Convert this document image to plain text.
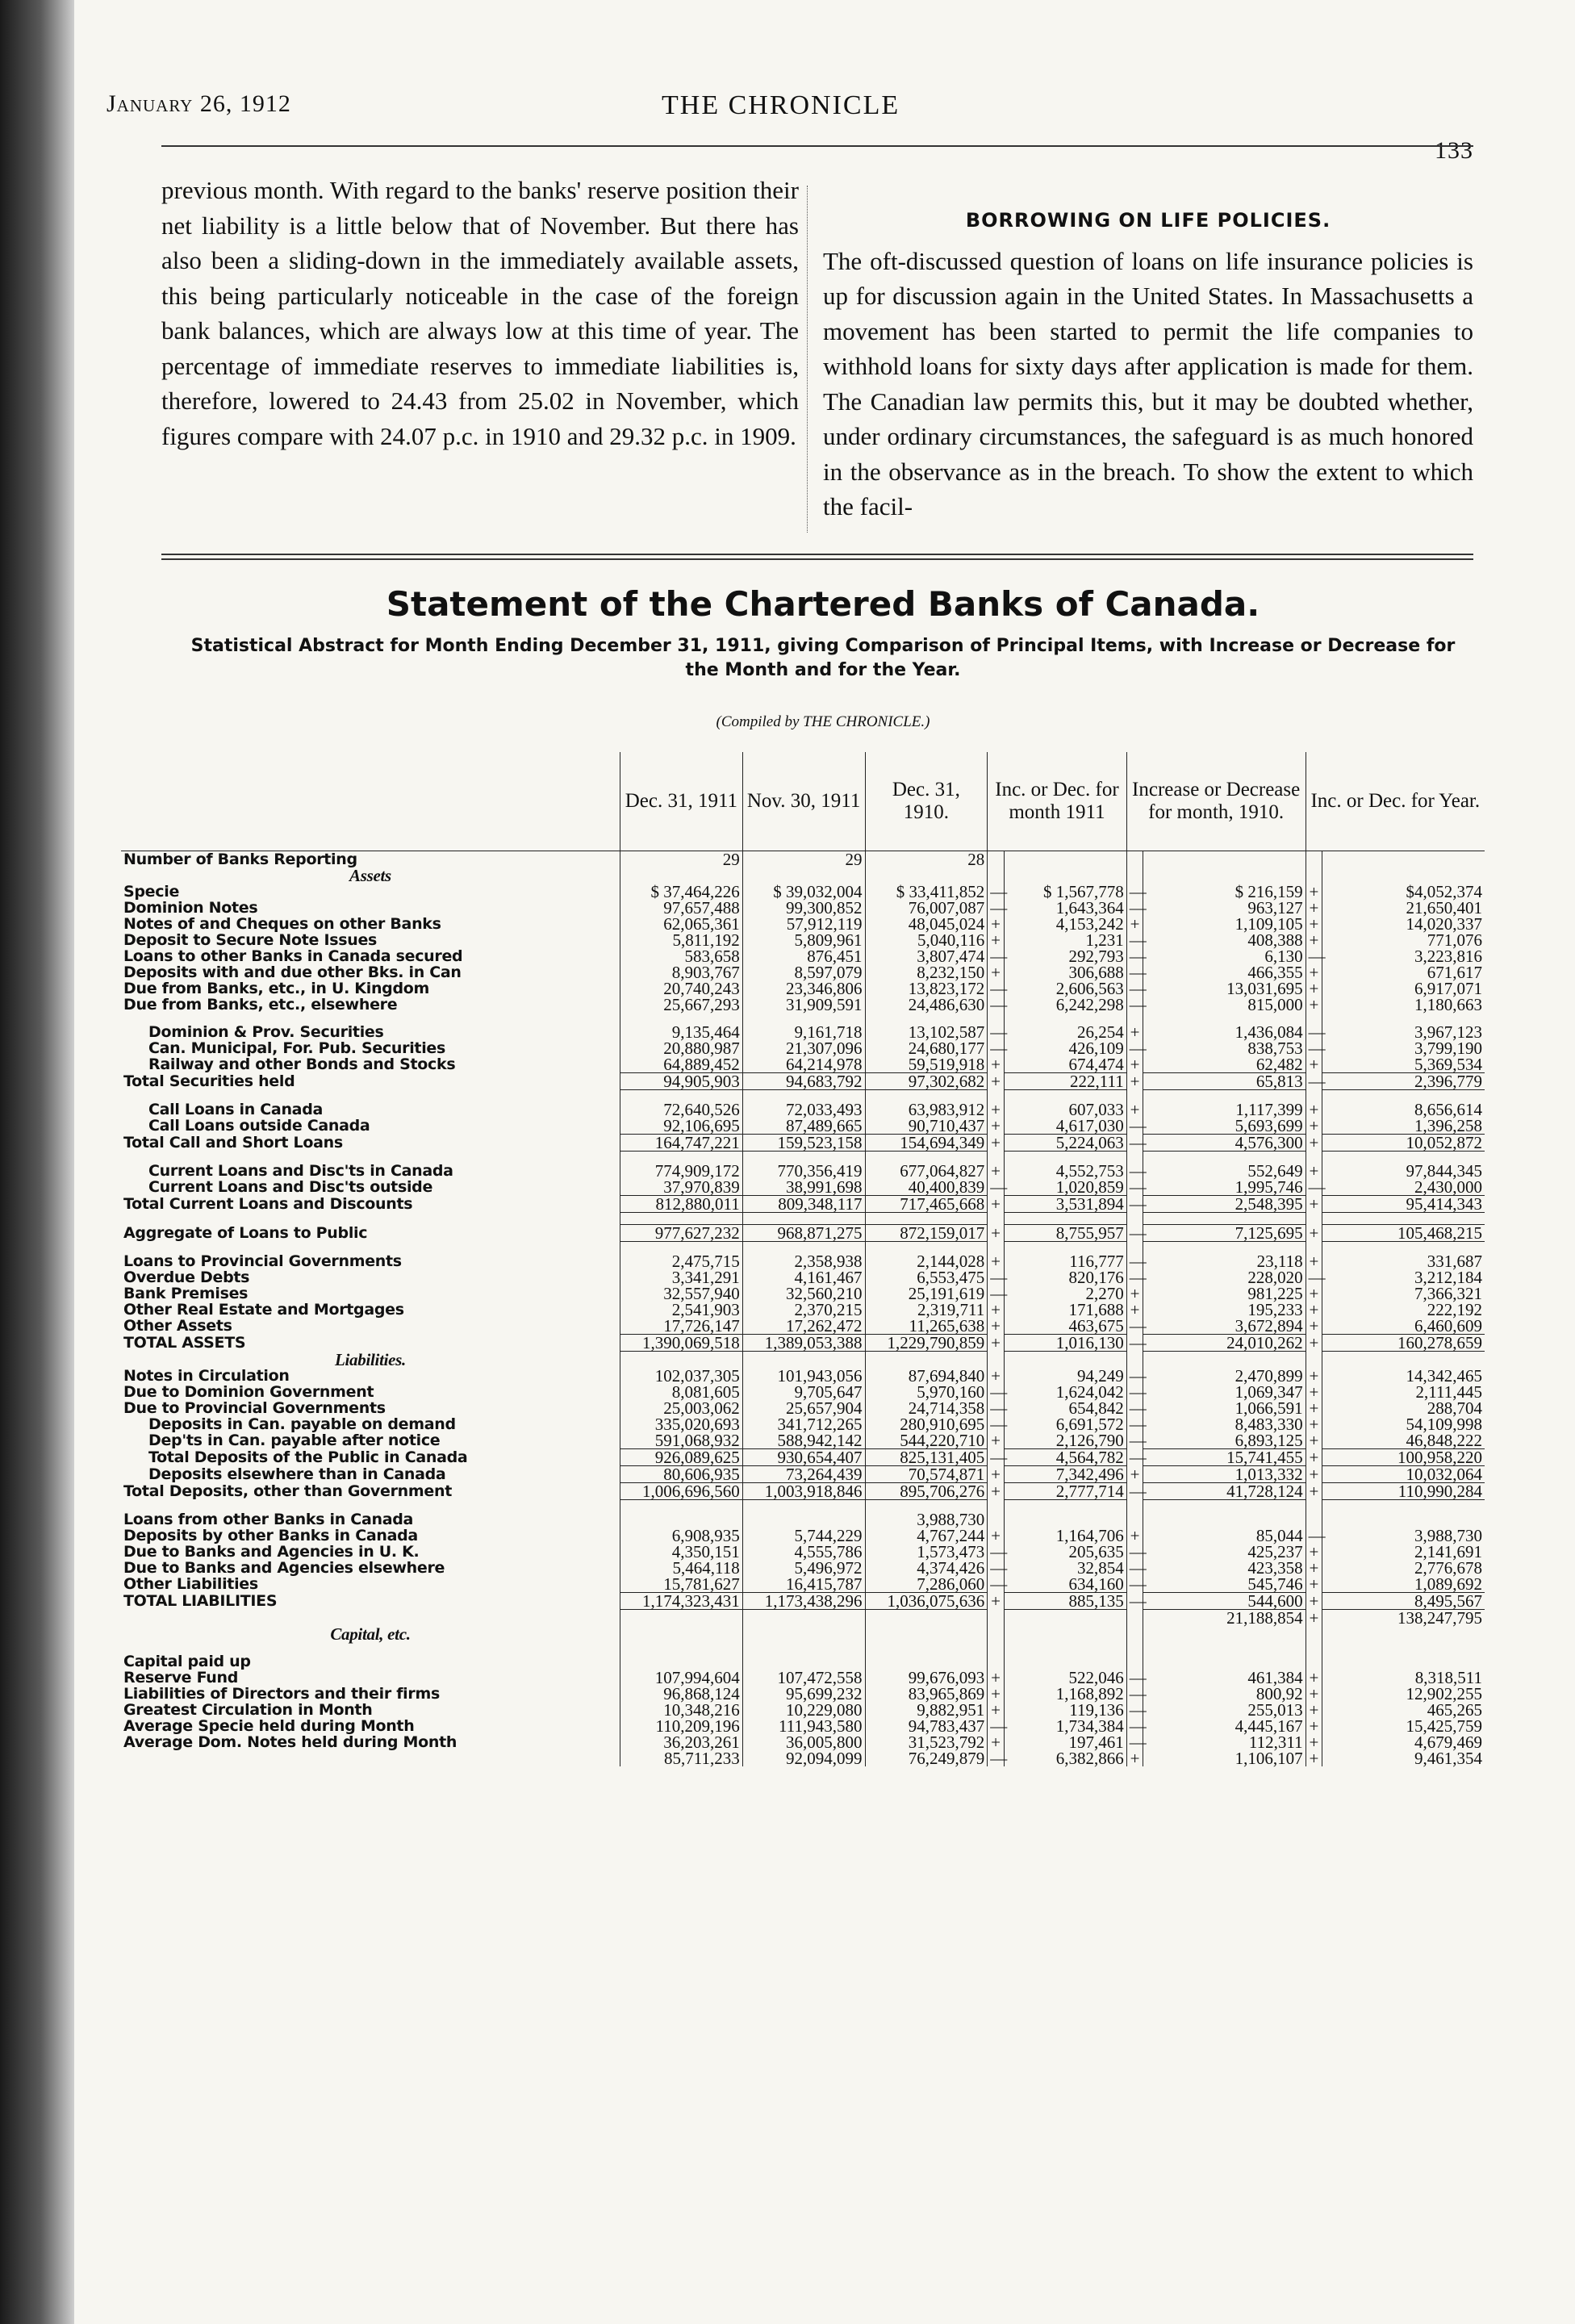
January 26, 1912	THE CHRONICLE
133

previous month. With regard to the banks' reserve position their net liability is a little below that of November. But there has also been a sliding-down in the immediately available assets, this being particularly noticeable in the case of the foreign bank balances, which are always low at this time of year. The percentage of immediate reserves to immediate liabilities is, therefore, lowered to 24.43 from 25.02 in November, which figures compare with 24.07 p.c. in 1910 and 29.32 p.c. in 1909.

BORROWING ON LIFE POLICIES.

The oft-discussed question of loans on life insurance policies is up for discussion again in the United States. In Massachusetts a movement has been started to permit the life companies to withhold loans for sixty days after application is made for them. The Canadian law permits this, but it may be doubted whether, under ordinary circumstances, the safeguard is as much honored in the observance as in the breach. To show the extent to which the facil-

Statement of the Chartered Banks of Canada.
Statistical Abstract for Month Ending December 31, 1911, giving Comparison of Principal Items, with Increase or Decrease for the Month and for the Year.
(Compiled by THE CHRONICLE.)
	Dec. 31, 1911	Nov. 30, 1911	Dec. 31, 1910.	Inc. or Dec. for month 1911		Increase or Decrease for month, 1910.		Inc. or Dec. for Year.	
Number of Banks Reporting	29	29	28						
Assets									
Specie	$ 37,464,226	$ 39,032,004	$ 33,411,852	—	$ 1,567,778	—	$ 216,159	+	$4,052,374
Dominion Notes	97,657,488	99,300,852	76,007,087	—	1,643,364	—	963,127	+	21,650,401
Notes of and Cheques on other Banks	62,065,361	57,912,119	48,045,024	+	4,153,242	+	1,109,105	+	14,020,337
Deposit to Secure Note Issues	5,811,192	5,809,961	5,040,116	+	1,231	—	408,388	+	771,076
Loans to other Banks in Canada secured	583,658	876,451	3,807,474	—	292,793	—	6,130	—	3,223,816
Deposits with and due other Bks. in Can	8,903,767	8,597,079	8,232,150	+	306,688	—	466,355	+	671,617
Due from Banks, etc., in U. Kingdom	20,740,243	23,346,806	13,823,172	—	2,606,563	—	13,031,695	+	6,917,071
Due from Banks, etc., elsewhere	25,667,293	31,909,591	24,486,630	—	6,242,298	—	815,000	+	1,180,663

Dominion & Prov. Securities	9,135,464	9,161,718	13,102,587	—	26,254	+	1,436,084	—	3,967,123
Can. Municipal, For. Pub. Securities	20,880,987	21,307,096	24,680,177	—	426,109	—	838,753	—	3,799,190
Railway and other Bonds and Stocks	64,889,452	64,214,978	59,519,918	+	674,474	+	62,482	+	5,369,534
Total Securities held	94,905,903	94,683,792	97,302,682	+	222,111	+	65,813	—	2,396,779

Call Loans in Canada	72,640,526	72,033,493	63,983,912	+	607,033	+	1,117,399	+	8,656,614
Call Loans outside Canada	92,106,695	87,489,665	90,710,437	+	4,617,030	—	5,693,699	+	1,396,258
Total Call and Short Loans	164,747,221	159,523,158	154,694,349	+	5,224,063	—	4,576,300	+	10,052,872

Current Loans and Disc'ts in Canada	774,909,172	770,356,419	677,064,827	+	4,552,753	—	552,649	+	97,844,345
Current Loans and Disc'ts outside	37,970,839	38,991,698	40,400,839	—	1,020,859	—	1,995,746	—	2,430,000
Total Current Loans and Discounts	812,880,011	809,348,117	717,465,668	+	3,531,894	—	2,548,395	+	95,414,343

Aggregate of Loans to Public	977,627,232	968,871,275	872,159,017	+	8,755,957	—	7,125,695	+	105,468,215

Loans to Provincial Governments	2,475,715	2,358,938	2,144,028	+	116,777	—	23,118	+	331,687
Overdue Debts	3,341,291	4,161,467	6,553,475	—	820,176	—	228,020	—	3,212,184
Bank Premises	32,557,940	32,560,210	25,191,619	—	2,270	+	981,225	+	7,366,321
Other Real Estate and Mortgages	2,541,903	2,370,215	2,319,711	+	171,688	+	195,233	+	222,192
Other Assets	17,726,147	17,262,472	11,265,638	+	463,675	—	3,672,894	+	6,460,609
TOTAL ASSETS	1,390,069,518	1,389,053,388	1,229,790,859	+	1,016,130	—	24,010,262	+	160,278,659
Liabilities.									
Notes in Circulation	102,037,305	101,943,056	87,694,840	+	94,249	—	2,470,899	+	14,342,465
Due to Dominion Government	8,081,605	9,705,647	5,970,160	—	1,624,042	—	1,069,347	+	2,111,445
Due to Provincial Governments	25,003,062	25,657,904	24,714,358	—	654,842	—	1,066,591	+	288,704
Deposits in Can. payable on demand	335,020,693	341,712,265	280,910,695	—	6,691,572	—	8,483,330	+	54,109,998
Dep'ts in Can. payable after notice	591,068,932	588,942,142	544,220,710	+	2,126,790	—	6,893,125	+	46,848,222
Total Deposits of the Public in Canada	926,089,625	930,654,407	825,131,405	—	4,564,782	—	15,741,455	+	100,958,220
Deposits elsewhere than in Canada	80,606,935	73,264,439	70,574,871	+	7,342,496	+	1,013,332	+	10,032,064
Total Deposits, other than Government	1,006,696,560	1,003,918,846	895,706,276	+	2,777,714	—	41,728,124	+	110,990,284

Loans from other Banks in Canada			3,988,730						
Deposits by other Banks in Canada	6,908,935	5,744,229	4,767,244	+	1,164,706	+	85,044	—	3,988,730
Due to Banks and Agencies in U. K.	4,350,151	4,555,786	1,573,473	—	205,635	—	425,237	+	2,141,691
Due to Banks and Agencies elsewhere	5,464,118	5,496,972	4,374,426	—	32,854	—	423,358	+	2,776,678
Other Liabilities	15,781,627	16,415,787	7,286,060	—	634,160	—	545,746	+	1,089,692
TOTAL LIABILITIES	1,174,323,431	1,173,438,296	1,036,075,636	+	885,135	—	544,600	+	8,495,567
							21,188,854	+	138,247,795
Capital, etc.									

Capital paid up									
Reserve Fund	107,994,604	107,472,558	99,676,093	+	522,046	—	461,384	+	8,318,511
Liabilities of Directors and their firms	96,868,124	95,699,232	83,965,869	+	1,168,892	—	800,92	+	12,902,255
Greatest Circulation in Month	10,348,216	10,229,080	9,882,951	+	119,136	—	255,013	+	465,265
Average Specie held during Month	110,209,196	111,943,580	94,783,437	—	1,734,384	—	4,445,167	+	15,425,759
Average Dom. Notes held during Month	36,203,261	36,005,800	31,523,792	+	197,461	—	112,311	+	4,679,469
	85,711,233	92,094,099	76,249,879	—	6,382,866	+	1,106,107	+	9,461,354
